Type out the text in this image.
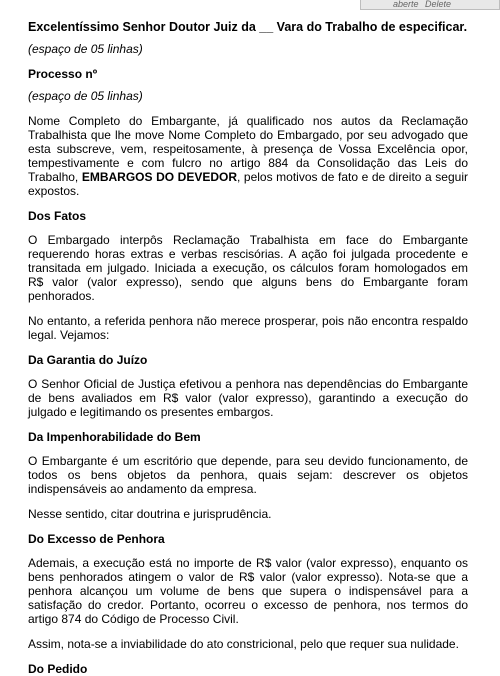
aberte Delete
Excelentíssimo Senhor Doutor Juiz da __ Vara do Trabalho de especificar.
(espaço de 05 linhas)
Processo nº
(espaço de 05 linhas)
Nome Completo do Embargante, já qualificado nos autos da Reclamação Trabalhista que lhe move Nome Completo do Embargado, por seu advogado que esta subscreve, vem, respeitosamente, à presença de Vossa Excelência opor, tempestivamente e com fulcro no artigo 884 da Consolidação das Leis do Trabalho, EMBARGOS DO DEVEDOR, pelos motivos de fato e de direito a seguir expostos.
Dos Fatos
O Embargado interpôs Reclamação Trabalhista em face do Embargante requerendo horas extras e verbas rescisórias. A ação foi julgada procedente e transitada em julgado. Iniciada a execução, os cálculos foram homologados em R$ valor (valor expresso), sendo que alguns bens do Embargante foram penhorados.
No entanto, a referida penhora não merece prosperar, pois não encontra respaldo legal. Vejamos:
Da Garantia do Juízo
O Senhor Oficial de Justiça efetivou a penhora nas dependências do Embargante de bens avaliados em R$ valor (valor expresso), garantindo a execução do julgado e legitimando os presentes embargos.
Da Impenhorabilidade do Bem
O Embargante é um escritório que depende, para seu devido funcionamento, de todos os bens objetos da penhora, quais sejam: descrever os objetos indispensáveis ao andamento da empresa.
Nesse sentido, citar doutrina e jurisprudência.
Do Excesso de Penhora
Ademais, a execução está no importe de R$ valor (valor expresso), enquanto os bens penhorados atingem o valor de R$ valor (valor expresso). Nota-se que a penhora alcançou um volume de bens que supera o indispensável para a satisfação do credor. Portanto, ocorreu o excesso de penhora, nos termos do artigo 874 do Código de Processo Civil.
Assim, nota-se a inviabilidade do ato constricional, pelo que requer sua nulidade.
Do Pedido
